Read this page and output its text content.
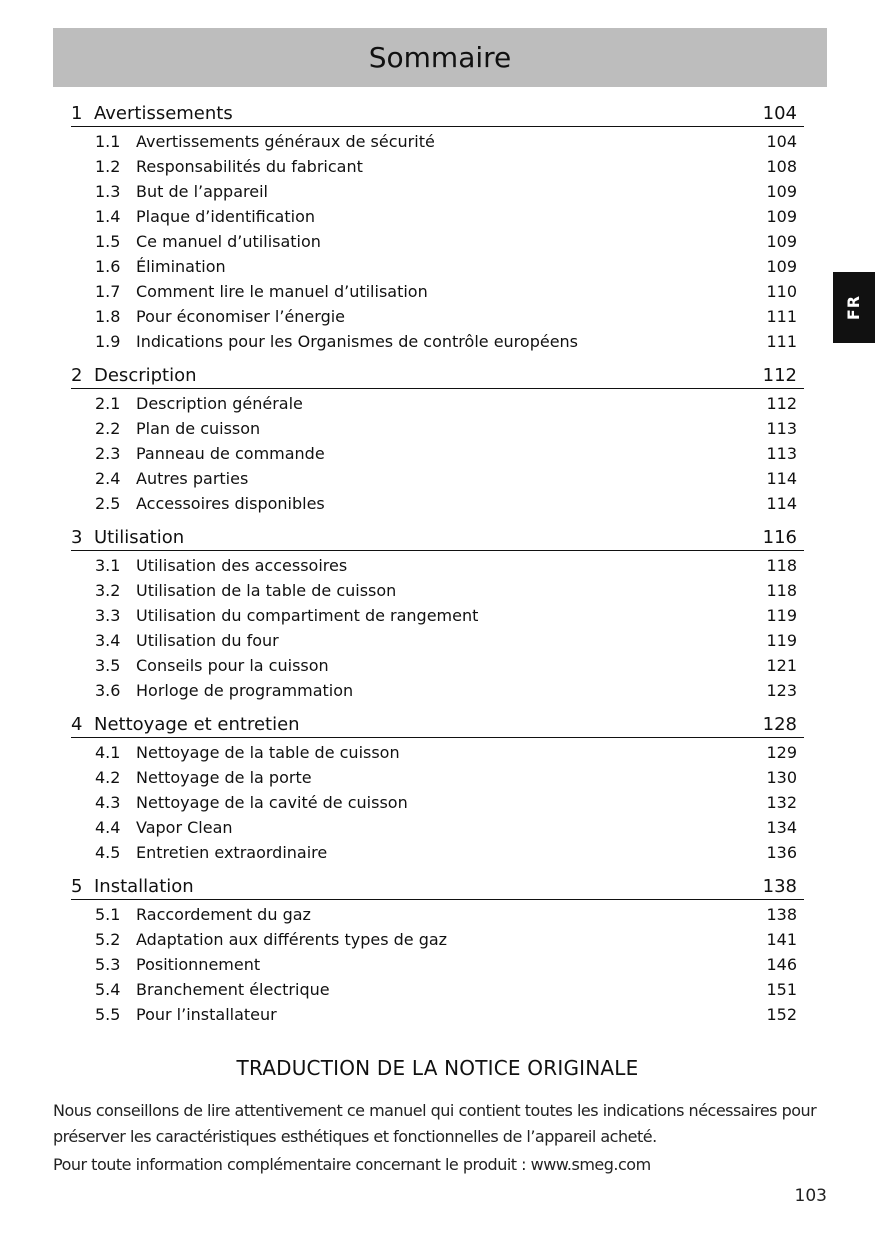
Sommaire
FR
1 Avertissements	104
1.1 Avertissements généraux de sécurité	104
1.2 Responsabilités du fabricant	108
1.3 But de l’appareil	109
1.4 Plaque d’identification	109
1.5 Ce manuel d’utilisation	109
1.6 Élimination	109
1.7 Comment lire le manuel d’utilisation	110
1.8 Pour économiser l’énergie	111
1.9 Indications pour les Organismes de contrôle européens	111
2 Description	112
2.1 Description générale	112
2.2 Plan de cuisson	113
2.3 Panneau de commande	113
2.4 Autres parties	114
2.5 Accessoires disponibles	114
3 Utilisation	116
3.1 Utilisation des accessoires	118
3.2 Utilisation de la table de cuisson	118
3.3 Utilisation du compartiment de rangement	119
3.4 Utilisation du four	119
3.5 Conseils pour la cuisson	121
3.6 Horloge de programmation	123
4 Nettoyage et entretien	128
4.1 Nettoyage de la table de cuisson	129
4.2 Nettoyage de la porte	130
4.3 Nettoyage de la cavité de cuisson	132
4.4 Vapor Clean	134
4.5 Entretien extraordinaire	136
5 Installation	138
5.1 Raccordement du gaz	138
5.2 Adaptation aux différents types de gaz	141
5.3 Positionnement	146
5.4 Branchement électrique	151
5.5 Pour l’installateur	152
TRADUCTION DE LA NOTICE ORIGINALE

Nous conseillons de lire attentivement ce manuel qui contient toutes les indications nécessaires pour préserver les caractéristiques esthétiques et fonctionnelles de l’appareil acheté.

Pour toute information complémentaire concernant le produit : www.smeg.com

103
